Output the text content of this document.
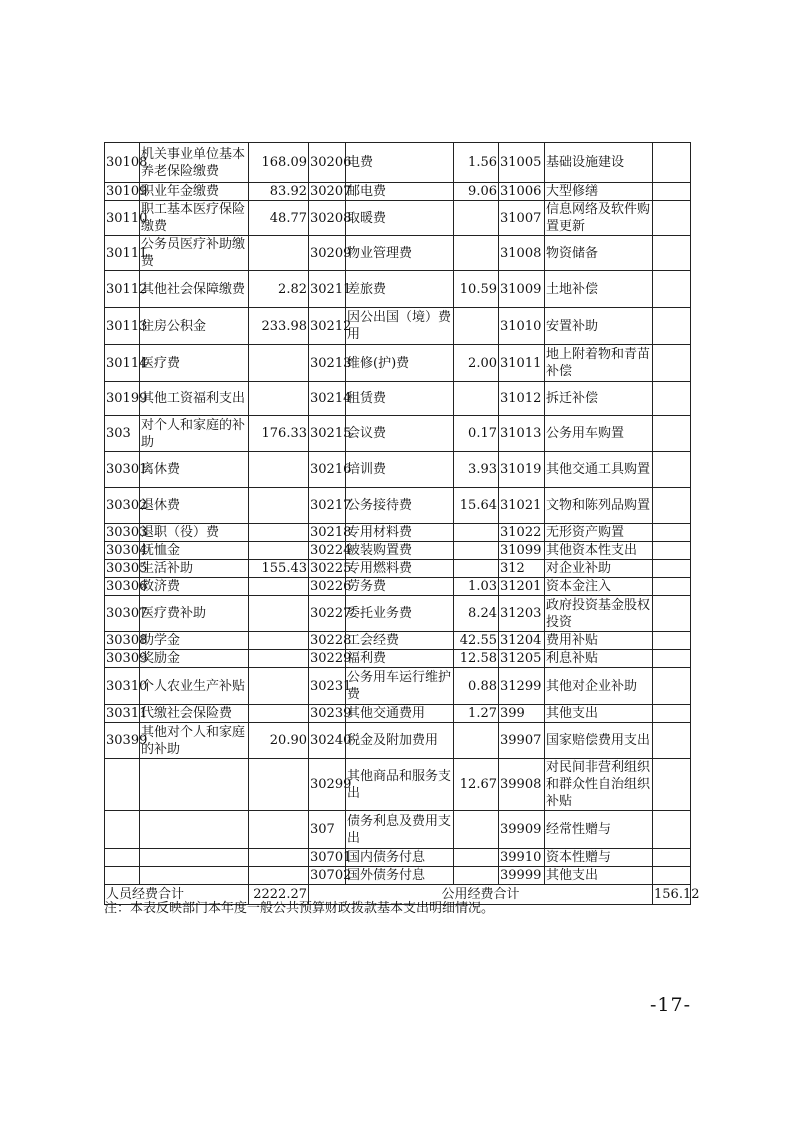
30108	机关事业单位基本养老保险缴费	168.09	30206	电费	1.56	31005	基础设施建设	
30109	职业年金缴费	83.92	30207	邮电费	9.06	31006	大型修缮	
30110	职工基本医疗保险缴费	48.77	30208	取暖费		31007	信息网络及软件购置更新	
30111	公务员医疗补助缴费		30209	物业管理费		31008	物资储备	
30112	其他社会保障缴费	2.82	30211	差旅费	10.59	31009	土地补偿	
30113	住房公积金	233.98	30212	因公出国（境）费用		31010	安置补助	
30114	医疗费		30213	维修(护)费	2.00	31011	地上附着物和青苗补偿	
30199	其他工资福利支出		30214	租赁费		31012	拆迁补偿	
303	对个人和家庭的补助	176.33	30215	会议费	0.17	31013	公务用车购置	
30301	离休费		30216	培训费	3.93	31019	其他交通工具购置	
30302	退休费		30217	公务接待费	15.64	31021	文物和陈列品购置	
30303	退职（役）费		30218	专用材料费		31022	无形资产购置	
30304	抚恤金		30224	被装购置费		31099	其他资本性支出	
30305	生活补助	155.43	30225	专用燃料费		312	对企业补助	
30306	救济费		30226	劳务费	1.03	31201	资本金注入	
30307	医疗费补助		30227	委托业务费	8.24	31203	政府投资基金股权投资	
30308	助学金		30228	工会经费	42.55	31204	费用补贴	
30309	奖励金		30229	福利费	12.58	31205	利息补贴	
30310	个人农业生产补贴		30231	公务用车运行维护费	0.88	31299	其他对企业补助	
30311	代缴社会保险费		30239	其他交通费用	1.27	399	其他支出	
30399	其他对个人和家庭的补助	20.90	30240	税金及附加费用		39907	国家赔偿费用支出	
			30299	其他商品和服务支出	12.67	39908	对民间非营利组织和群众性自治组织补贴	
			307	债务利息及费用支出		39909	经常性赠与	
			30701	国内债务付息		39910	资本性赠与	
			30702	国外债务付息		39999	其他支出	
人员经费合计		2222.27	公用经费合计					156.12
注：本表反映部门本年度一般公共预算财政拨款基本支出明细情况。
-17-
